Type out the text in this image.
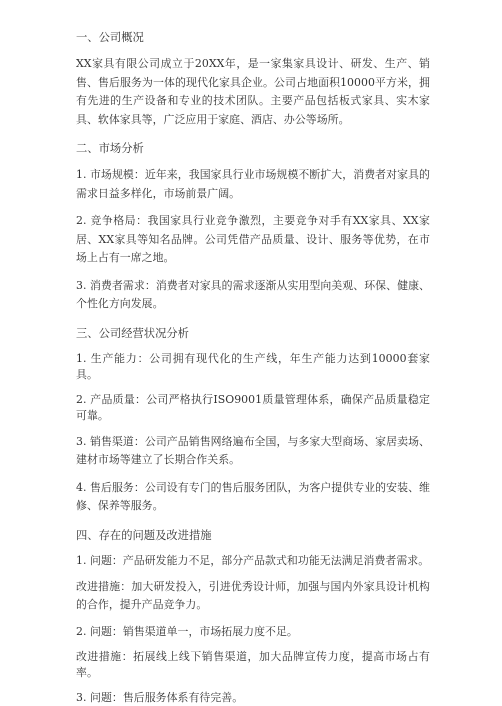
一、公司概况

XX家具有限公司成立于20XX年，是一家集家具设计、研发、生产、销售、售后服务为一体的现代化家具企业。公司占地面积10000平方米，拥有先进的生产设备和专业的技术团队。主要产品包括板式家具、实木家具、软体家具等，广泛应用于家庭、酒店、办公等场所。

二、市场分析

1. 市场规模：近年来，我国家具行业市场规模不断扩大，消费者对家具的需求日益多样化，市场前景广阔。

2. 竞争格局：我国家具行业竞争激烈，主要竞争对手有XX家具、XX家居、XX家具等知名品牌。公司凭借产品质量、设计、服务等优势，在市场上占有一席之地。

3. 消费者需求：消费者对家具的需求逐渐从实用型向美观、环保、健康、个性化方向发展。

三、公司经营状况分析

1. 生产能力：公司拥有现代化的生产线，年生产能力达到10000套家具。

2. 产品质量：公司严格执行ISO9001质量管理体系，确保产品质量稳定可靠。

3. 销售渠道：公司产品销售网络遍布全国，与多家大型商场、家居卖场、建材市场等建立了长期合作关系。

4. 售后服务：公司设有专门的售后服务团队，为客户提供专业的安装、维修、保养等服务。

四、存在的问题及改进措施

1. 问题：产品研发能力不足，部分产品款式和功能无法满足消费者需求。

改进措施：加大研发投入，引进优秀设计师，加强与国内外家具设计机构的合作，提升产品竞争力。

2. 问题：销售渠道单一，市场拓展力度不足。

改进措施：拓展线上线下销售渠道，加大品牌宣传力度，提高市场占有率。

3. 问题：售后服务体系有待完善。
